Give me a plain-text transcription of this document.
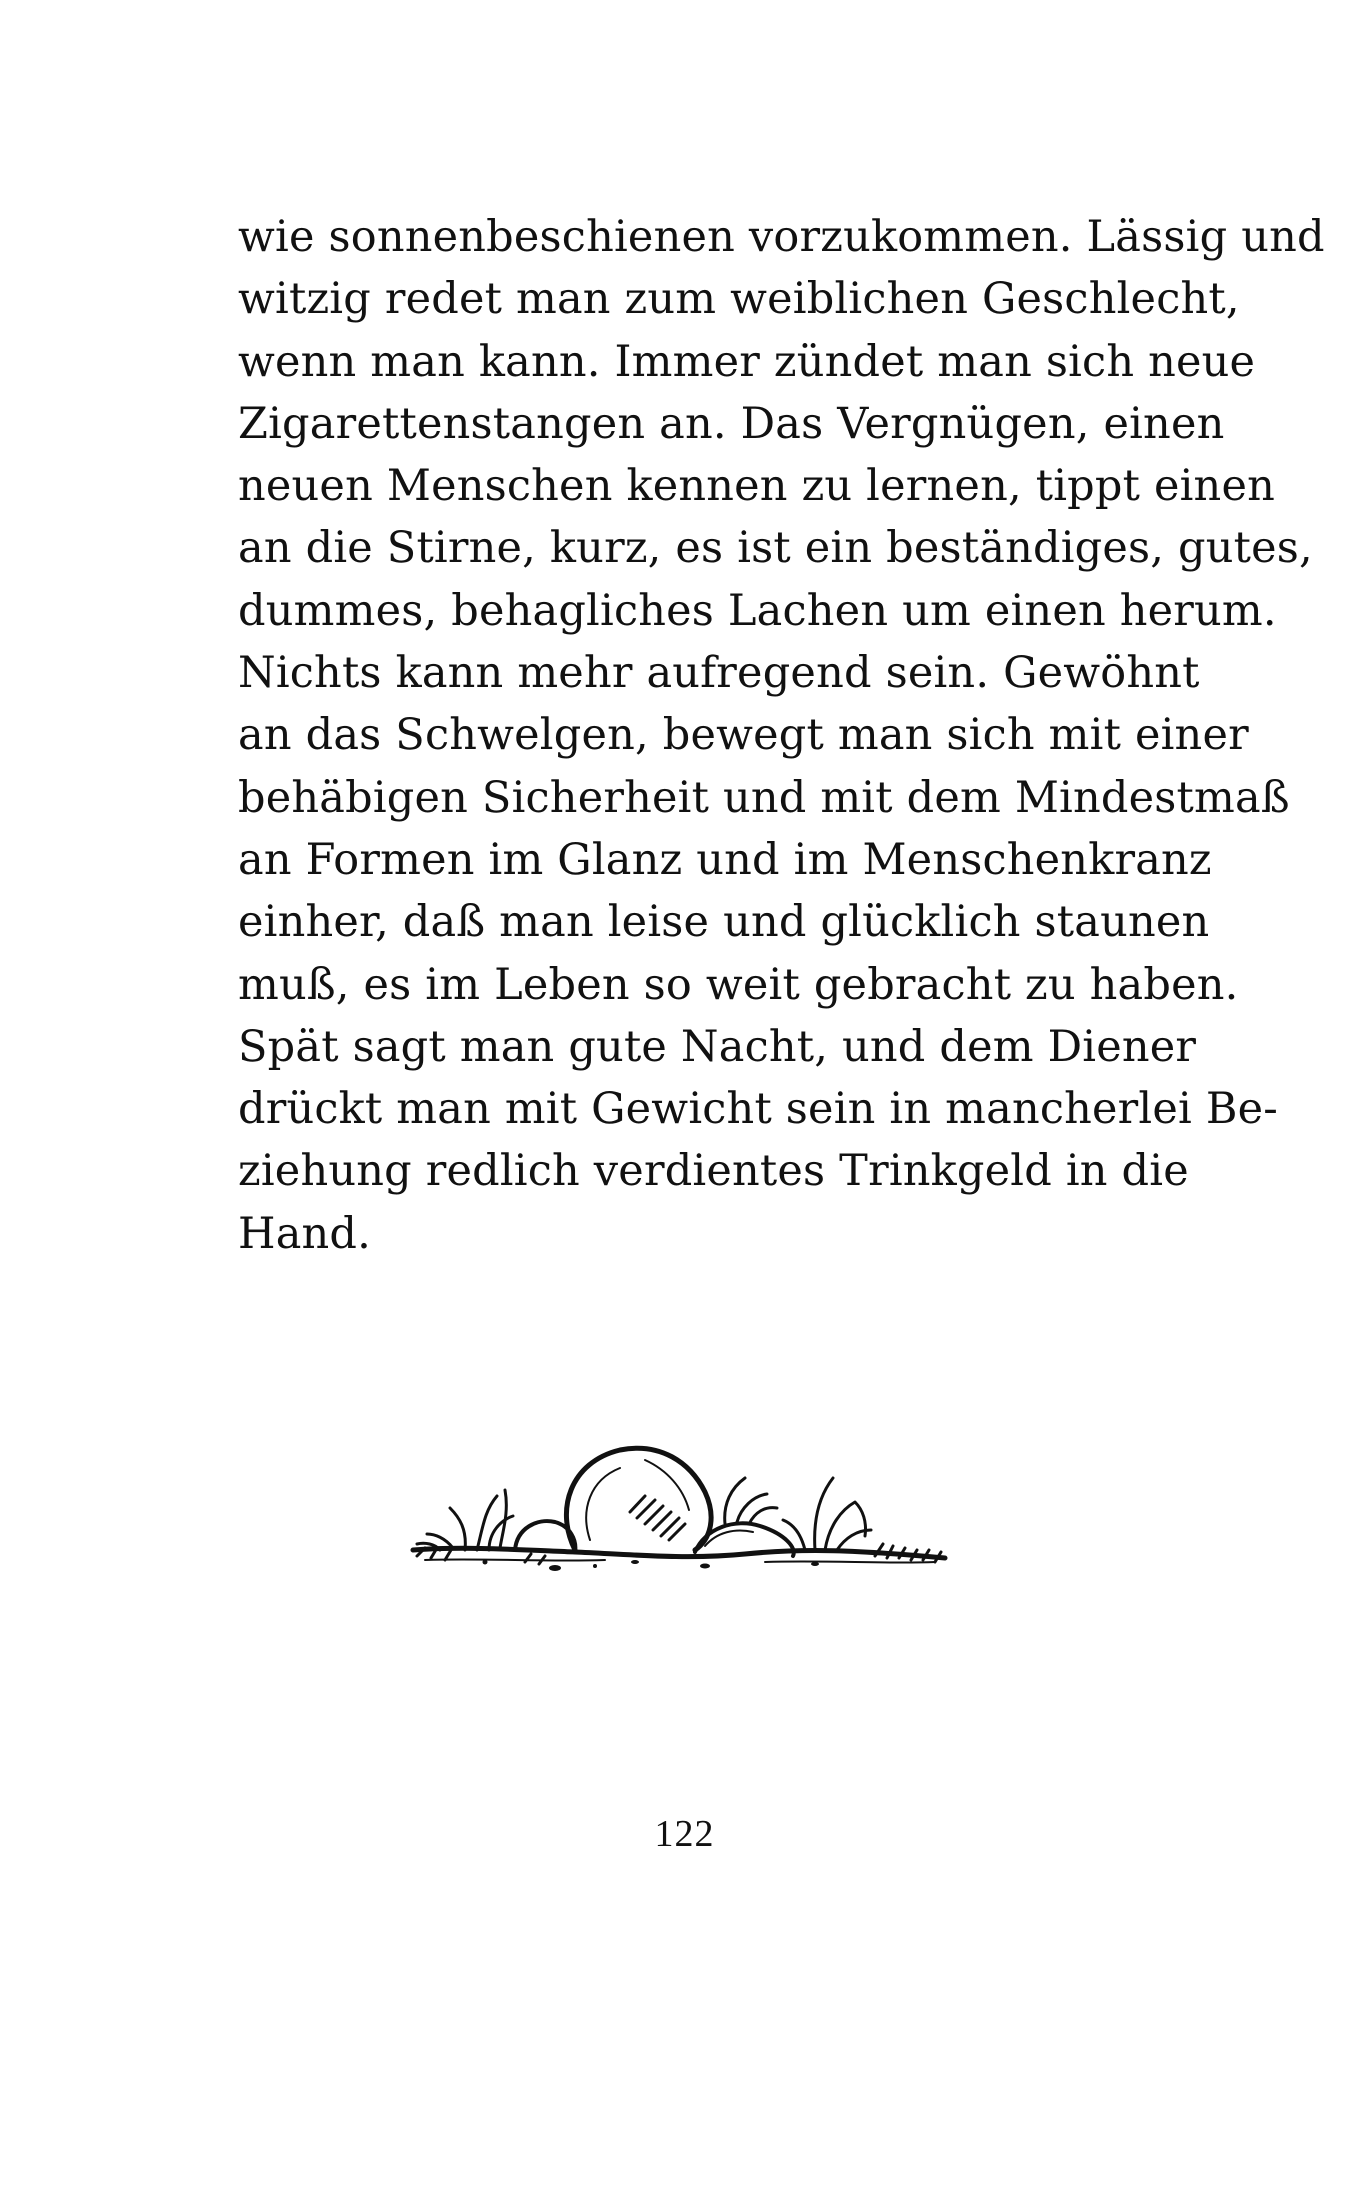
wie sonnenbeschienen vorzukommen. Lässig und
witzig redet man zum weiblichen Geschlecht,
wenn man kann. Immer zündet man sich neue
Zigarettenstangen an. Das Vergnügen, einen
neuen Menschen kennen zu lernen, tippt einen
an die Stirne, kurz, es ist ein beständiges, gutes,
dummes, behagliches Lachen um einen herum.
Nichts kann mehr aufregend sein. Gewöhnt
an das Schwelgen, bewegt man sich mit einer
behäbigen Sicherheit und mit dem Mindestmaß
an Formen im Glanz und im Menschenkranz
einher, daß man leise und glücklich staunen
muß, es im Leben so weit gebracht zu haben.
Spät sagt man gute Nacht, und dem Diener
drückt man mit Gewicht sein in mancherlei Be-
ziehung redlich verdientes Trinkgeld in die
Hand.
122
